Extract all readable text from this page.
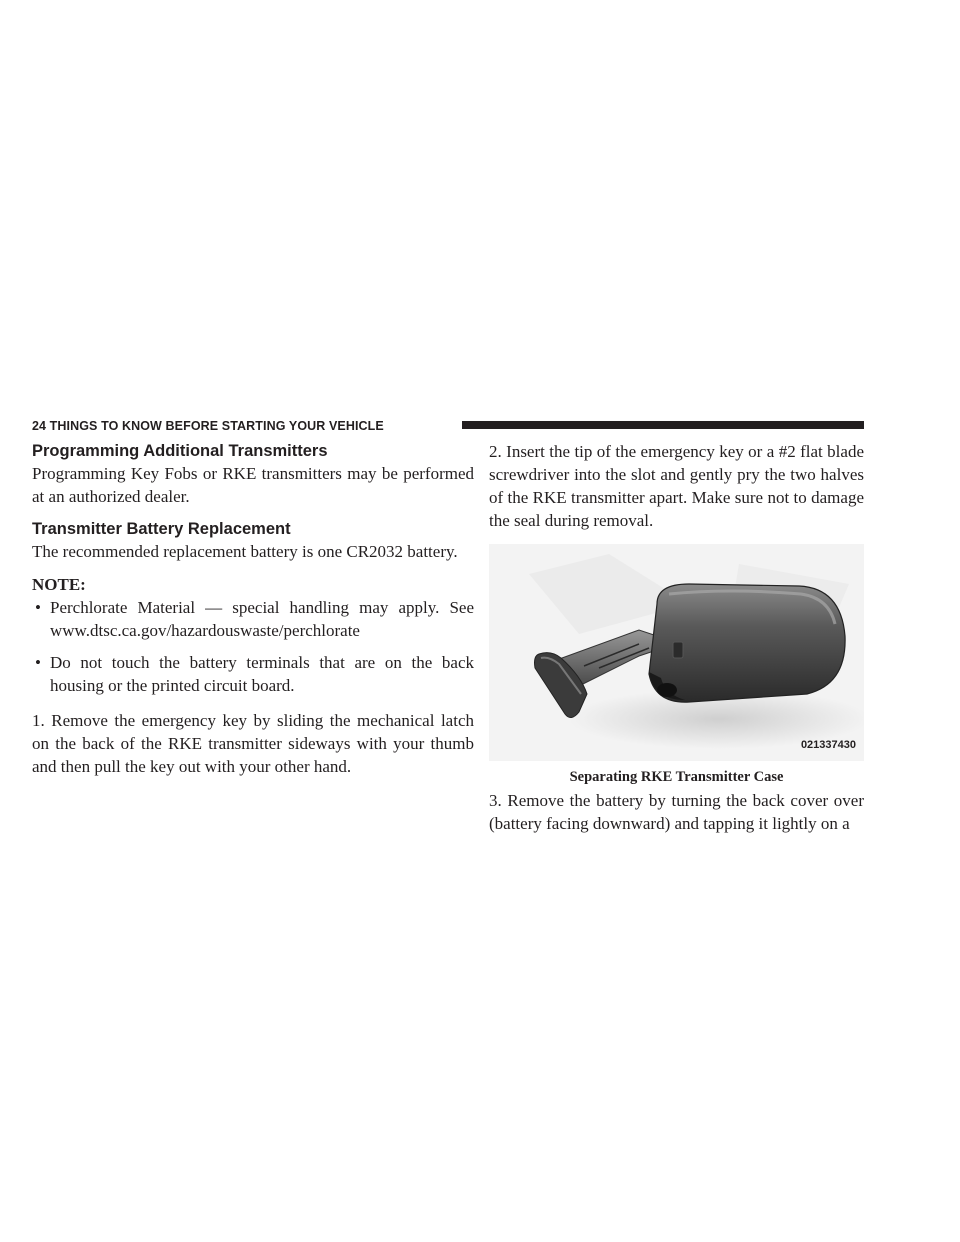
24 THINGS TO KNOW BEFORE STARTING YOUR VEHICLE
Programming Additional Transmitters

Programming Key Fobs or RKE transmitters may be performed at an authorized dealer.

Transmitter Battery Replacement

The recommended replacement battery is one CR2032 battery.

NOTE:

• Perchlorate Material — special handling may apply. See www.dtsc.ca.gov/hazardouswaste/perchlorate
• Do not touch the battery terminals that are on the back housing or the printed circuit board.

1. Remove the emergency key by sliding the mechanical latch on the back of the RKE transmitter sideways with your thumb and then pull the key out with your other hand.

2. Insert the tip of the emergency key or a #2 flat blade screwdriver into the slot and gently pry the two halves of the RKE transmitter apart. Make sure not to damage the seal during removal.

021337430

Separating RKE Transmitter Case

3. Remove the battery by turning the back cover over (battery facing downward) and tapping it lightly on a
